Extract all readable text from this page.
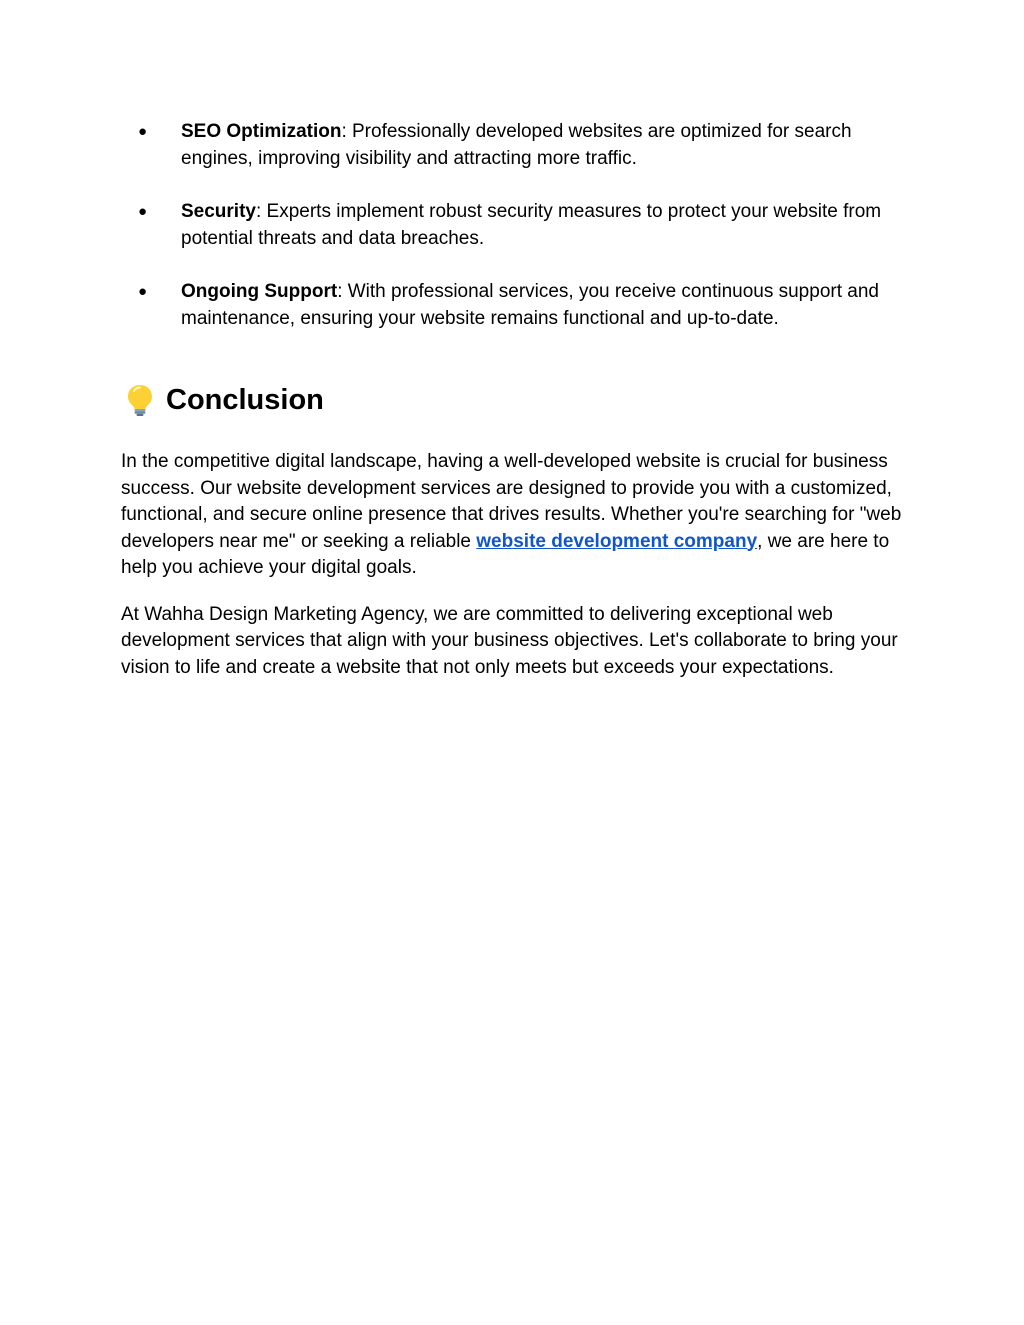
● SEO Optimization: Professionally developed websites are optimized for search engines, improving visibility and attracting more traffic.
● Security: Experts implement robust security measures to protect your website from potential threats and data breaches.
● Ongoing Support: With professional services, you receive continuous support and maintenance, ensuring your website remains functional and up-to-date.
Conclusion

In the competitive digital landscape, having a well-developed website is crucial for business success. Our website development services are designed to provide you with a customized, functional, and secure online presence that drives results. Whether you're searching for "web developers near me" or seeking a reliable website development company, we are here to help you achieve your digital goals.

At Wahha Design Marketing Agency, we are committed to delivering exceptional web development services that align with your business objectives. Let's collaborate to bring your vision to life and create a website that not only meets but exceeds your expectations.
